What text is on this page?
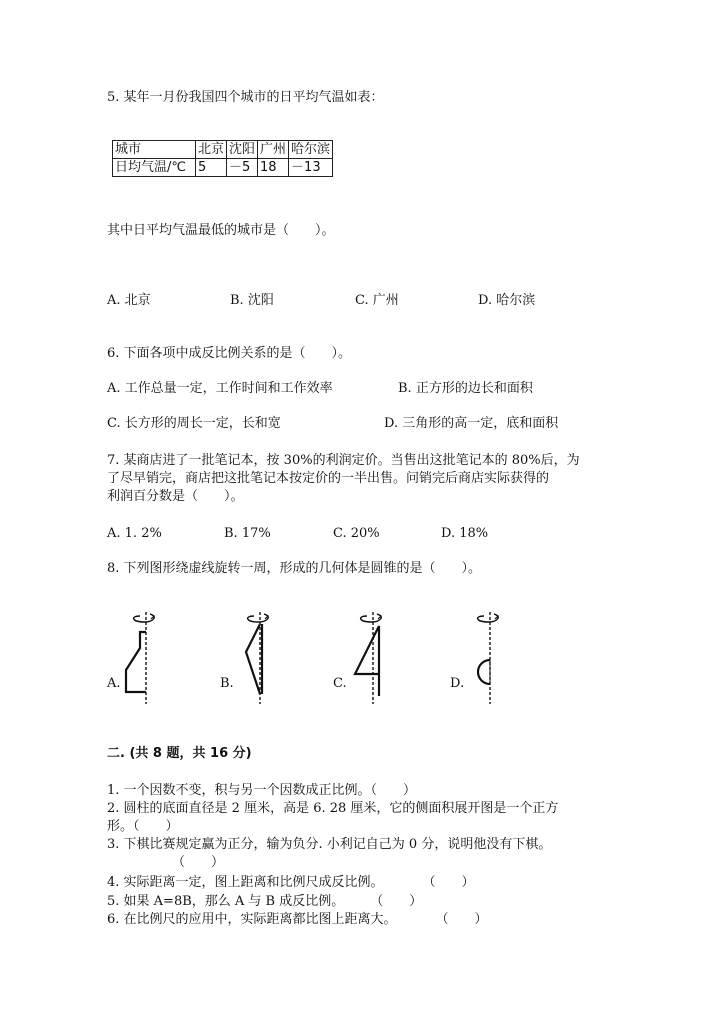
5. 某年一月份我国四个城市的日平均气温如表：
城市	北京	沈阳	广州	哈尔滨
日均气温/℃	5	－5	18	－13
其中日平均气温最低的城市是（　　）。
A. 北京	B. 沈阳	C. 广州	D. 哈尔滨
6. 下面各项中成反比例关系的是（　　）。
A. 工作总量一定，工作时间和工作效率	B. 正方形的边长和面积
C. 长方形的周长一定，长和宽	D. 三角形的高一定，底和面积
7. 某商店进了一批笔记本，按 30%的利润定价。当售出这批笔记本的 80%后，为
了尽早销完，商店把这批笔记本按定价的一半出售。问销完后商店实际获得的
利润百分数是（　　）。
A. 1. 2%	B. 17%	C. 20%	D. 18%
8. 下列图形绕虚线旋转一周，形成的几何体是圆锥的是（　　）。
A.	B.	C.	D.
二. (共 8 题，共 16 分)
1. 一个因数不变，积与另一个因数成正比例。（　　）
2. 圆柱的底面直径是 2 厘米，高是 6. 28 厘米，它的侧面积展开图是一个正方
形。（　　）
3. 下棋比赛规定赢为正分，输为负分. 小利记自己为 0 分，说明他没有下棋。
（　　）
4. 实际距离一定，图上距离和比例尺成反比例。　　　　（　　）
5. 如果 A=8B，那么 A 与 B 成反比例。　　　（　　）
6. 在比例尺的应用中，实际距离都比图上距离大。　　　　（　　）
